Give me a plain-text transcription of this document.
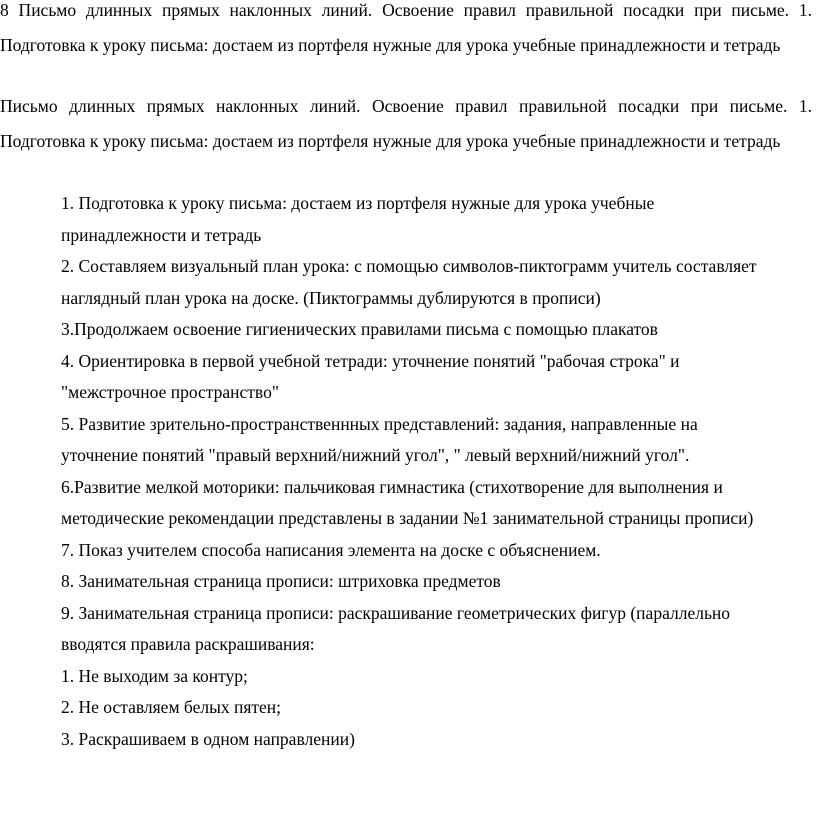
8 Письмо длинных прямых наклонных линий. Освоение правил правильной посадки при письме. 1. Подготовка к уроку письма: достаем из портфеля нужные для урока учебные принадлежности и тетрадь
Письмо длинных прямых наклонных линий. Освоение правил правильной посадки при письме. 1. Подготовка к уроку письма: достаем из портфеля нужные для урока учебные принадлежности и тетрадь
1. Подготовка к уроку письма: достаем из портфеля нужные для урока учебные
принадлежности и тетрадь
2. Составляем визуальный план урока: с помощью символов-пиктограмм учитель составляет
наглядный план урока на доске. (Пиктограммы дублируются в прописи)
3.Продолжаем освоение гигиенических правилами письма с помощью плакатов
4. Ориентировка в первой учебной тетради: уточнение понятий "рабочая строка" и
"межстрочное пространство"
5. Развитие зрительно-пространственнных представлений: задания, направленные на
уточнение понятий "правый верхний/нижний угол", " левый верхний/нижний угол".
6.Развитие мелкой моторики: пальчиковая гимнастика (стихотворение для выполнения и
методические рекомендации представлены в задании №1 занимательной страницы прописи)
7. Показ учителем способа написания элемента на доске с объяснением.
8. Занимательная страница прописи: штриховка предметов
9. Занимательная страница прописи: раскрашивание геометрических фигур (параллельно
вводятся правила раскрашивания:
1. Не выходим за контур;
2. Не оставляем белых пятен;
3. Раскрашиваем в одном направлении)
